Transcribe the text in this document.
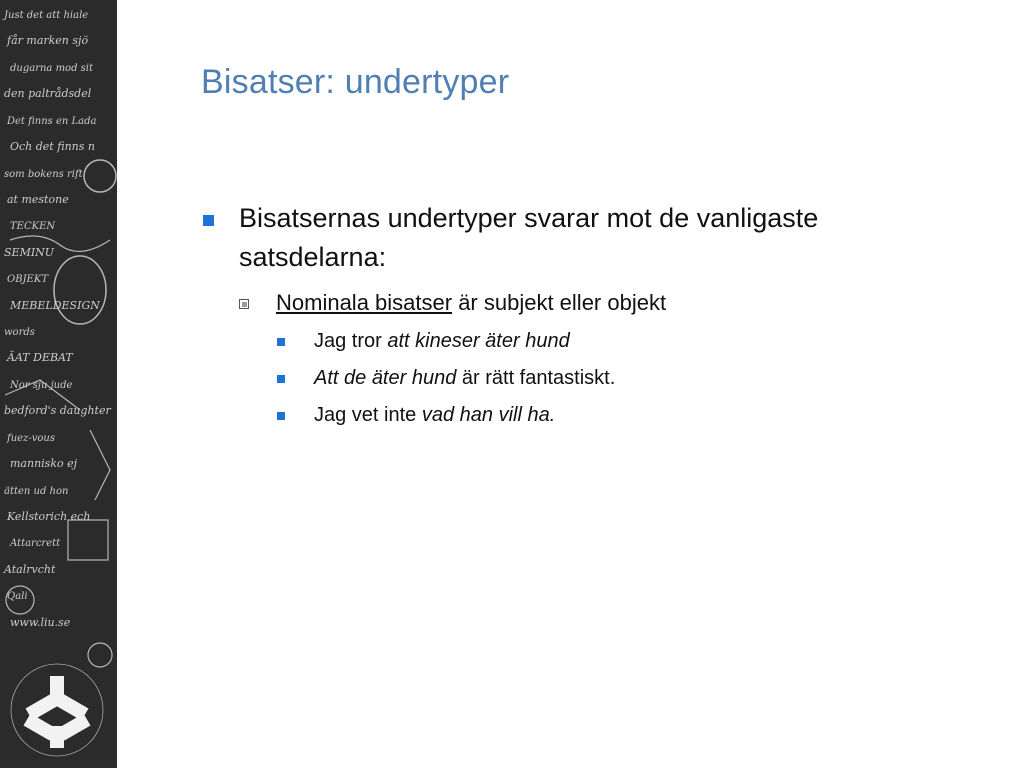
Just det att hiale
får marken sjö
dugarna mod sit
den paltrådsdel
Det finns en Lada
Och det finns n
som bokens rift
at mestone
TECKEN
SEMINU
OBJEKT
MEBELDESIGN
words
ÄAT DEBAT
Nor sju jude
bedford's daughter
fuez-vous
mannisko ej
ätten ud hon
Kellstorich ech
Attarcrett
Atalrvcht
Qali
www.liu.se
Bisatser: undertyper
Bisatsernas undertyper svarar mot de vanligaste satsdelarna:
Nominala bisatser är subjekt eller objekt
Jag tror att kineser äter hund
Att de äter hund är rätt fantastiskt.
Jag vet inte vad han vill ha.
